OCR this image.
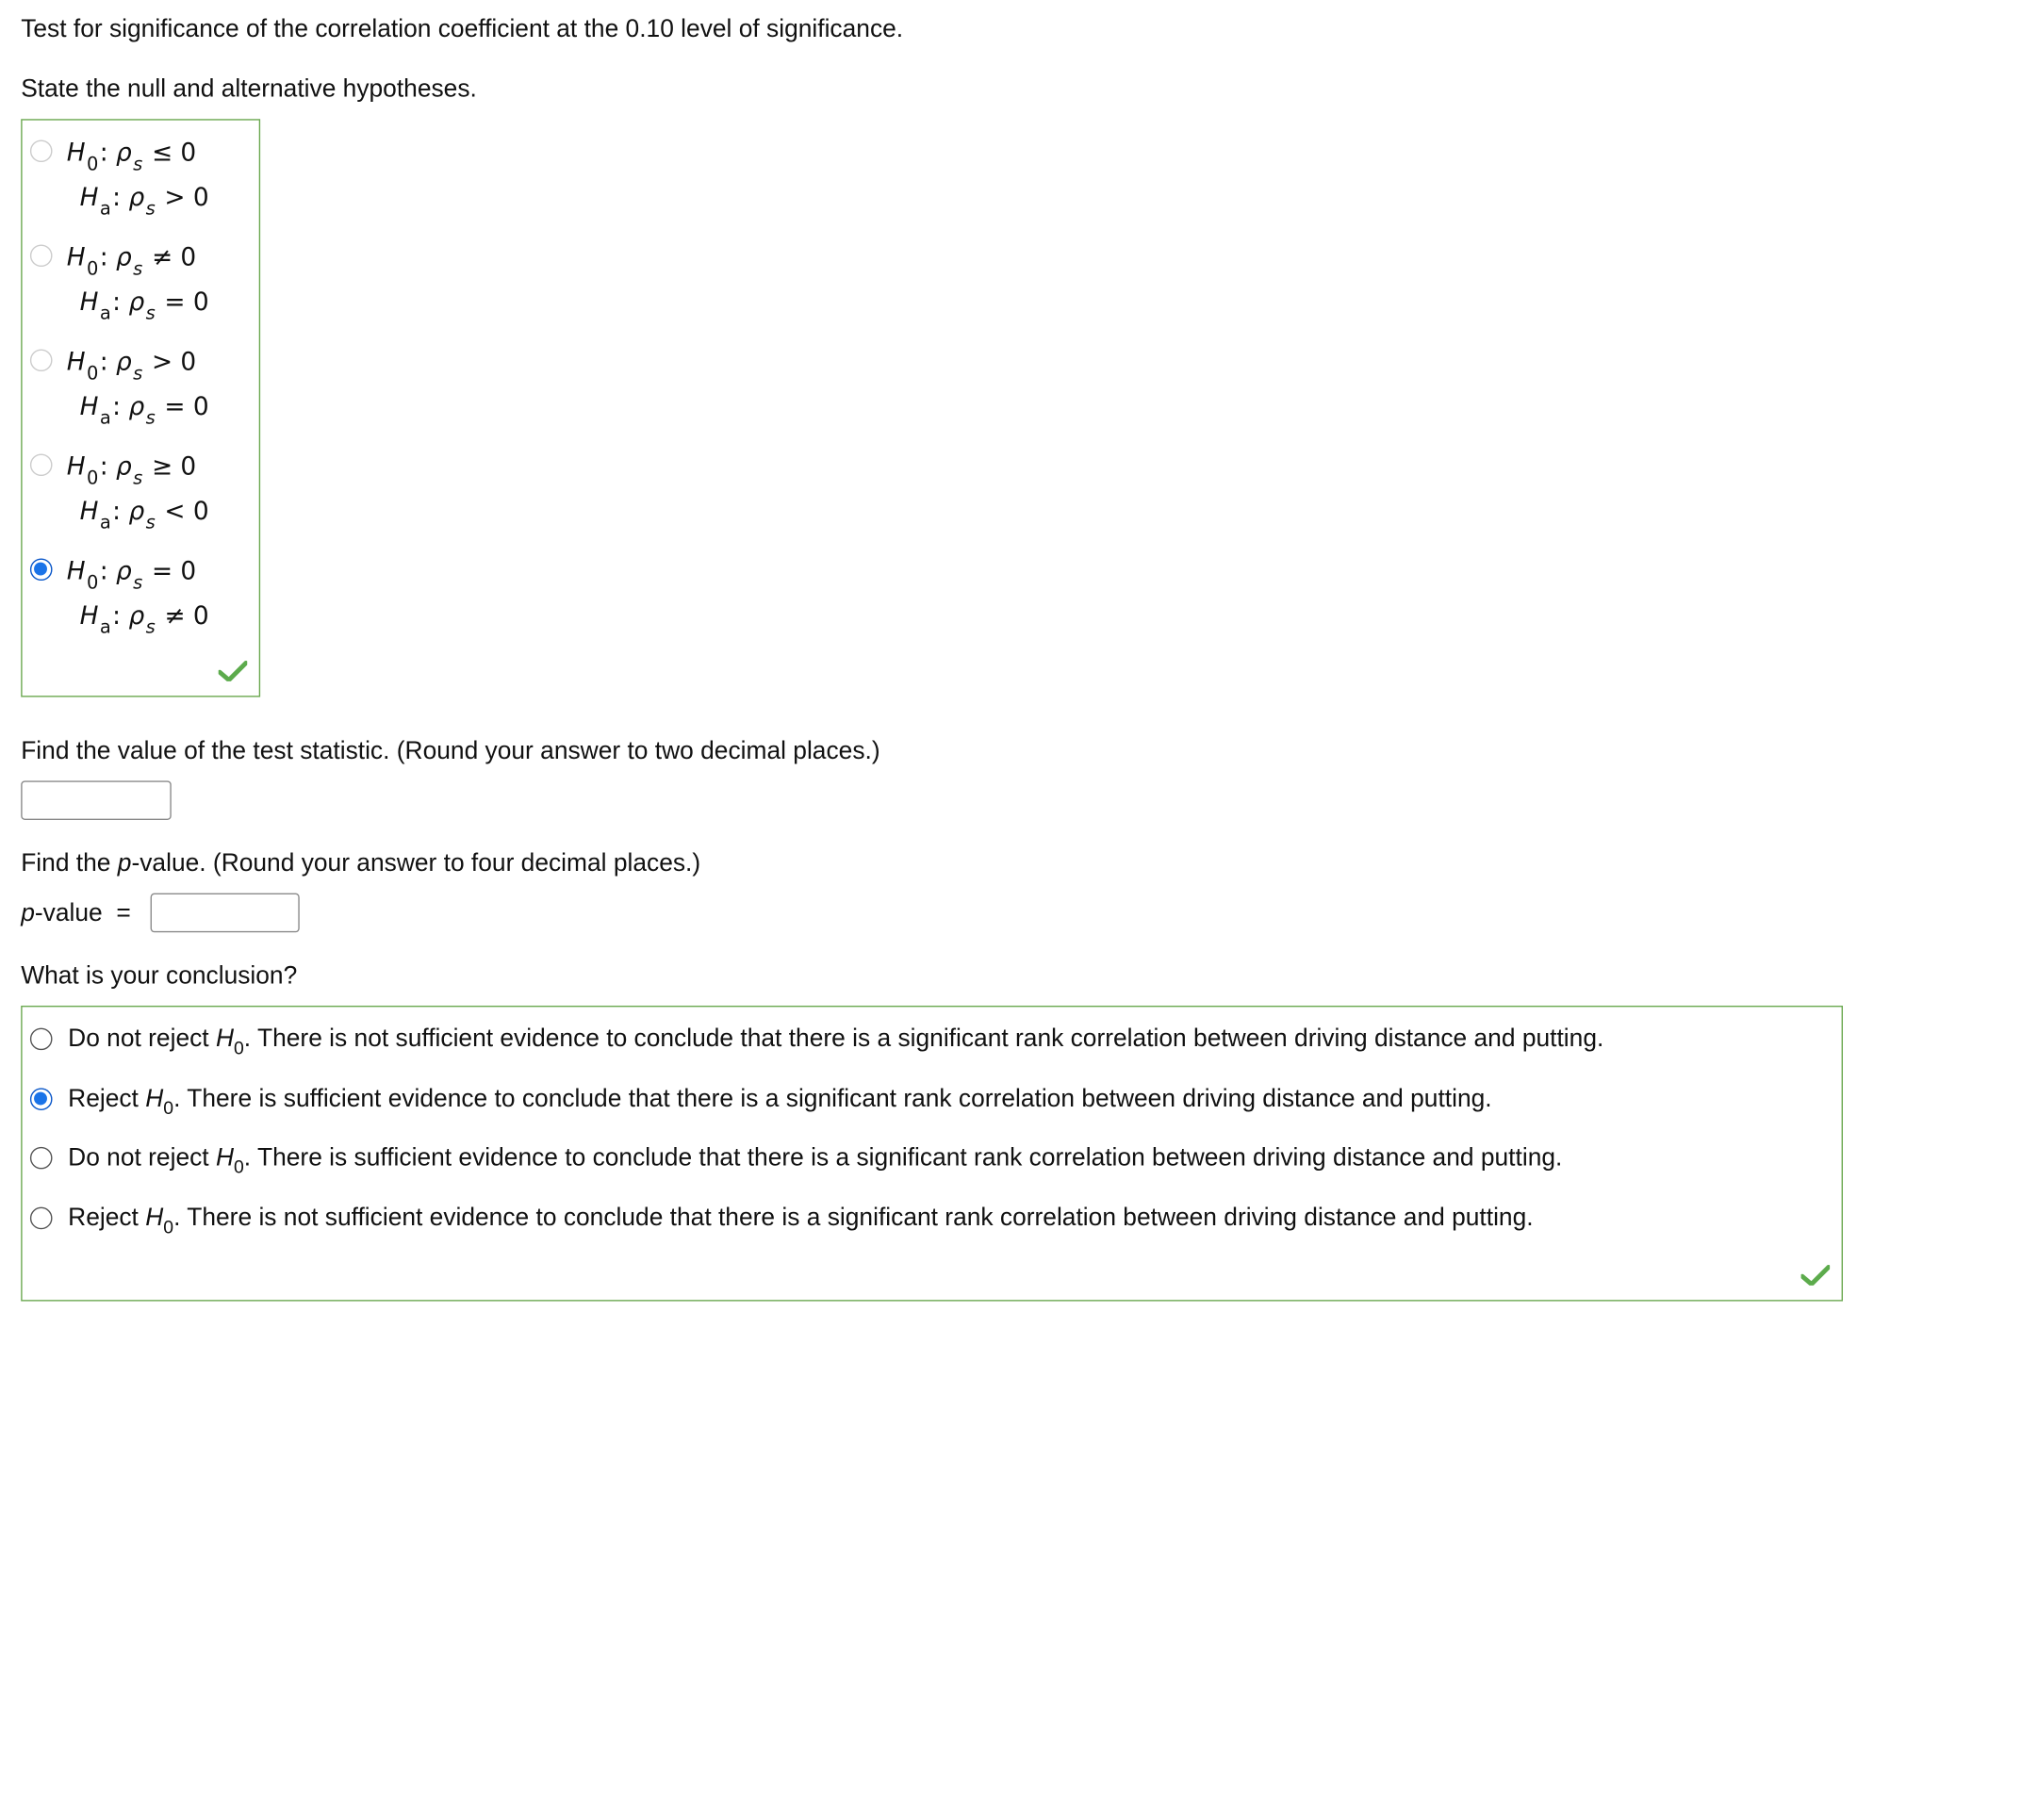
Test for significance of the correlation coefficient at the 0.10 level of significance.
State the null and alternative hypotheses.
$H_0$: $\rho_s \le 0$
$H_a$: $\rho_s > 0$
$H_0$: $\rho_s \ne 0$
$H_a$: $\rho_s = 0$
$H_0$: $\rho_s > 0$
$H_a$: $\rho_s = 0$
$H_0$: $\rho_s \ge 0$
$H_a$: $\rho_s < 0$
$H_0$: $\rho_s = 0$
$H_a$: $\rho_s \ne 0$
Find the value of the test statistic. (Round your answer to two decimal places.)
Find the p-value. (Round your answer to four decimal places.)
p-value  =
What is your conclusion?
Do not reject $H_0$. There is not sufficient evidence to conclude that there is a significant rank correlation between driving distance and putting.
Reject $H_0$. There is sufficient evidence to conclude that there is a significant rank correlation between driving distance and putting.
Do not reject $H_0$. There is sufficient evidence to conclude that there is a significant rank correlation between driving distance and putting.
Reject $H_0$. There is not sufficient evidence to conclude that there is a significant rank correlation between driving distance and putting.
